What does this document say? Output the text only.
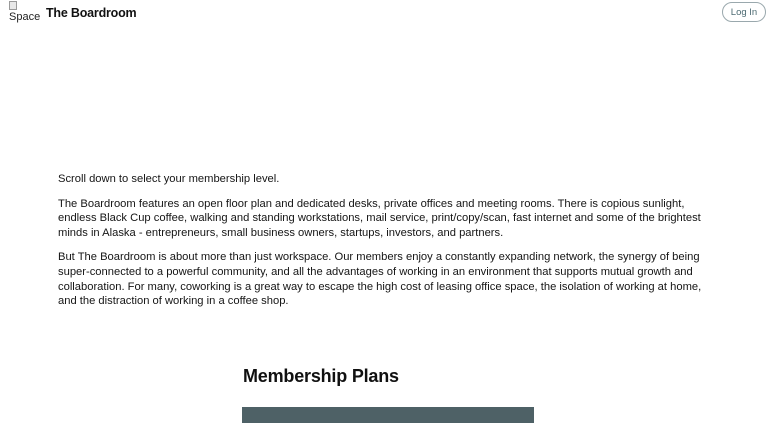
Space The Boardroom	Log In

Scroll down to select your membership level.

The Boardroom features an open floor plan and dedicated desks, private offices and meeting rooms. There is copious sunlight, endless Black Cup coffee, walking and standing workstations, mail service, print/copy/scan, fast internet and some of the brightest minds in Alaska - entrepreneurs, small business owners, startups, investors, and partners.

But The Boardroom is about more than just workspace. Our members enjoy a constantly expanding network, the synergy of being super-connected to a powerful community, and all the advantages of working in an environment that supports mutual growth and collaboration. For many, coworking is a great way to escape the high cost of leasing office space, the isolation of working at home, and the distraction of working in a coffee shop.

Membership Plans
